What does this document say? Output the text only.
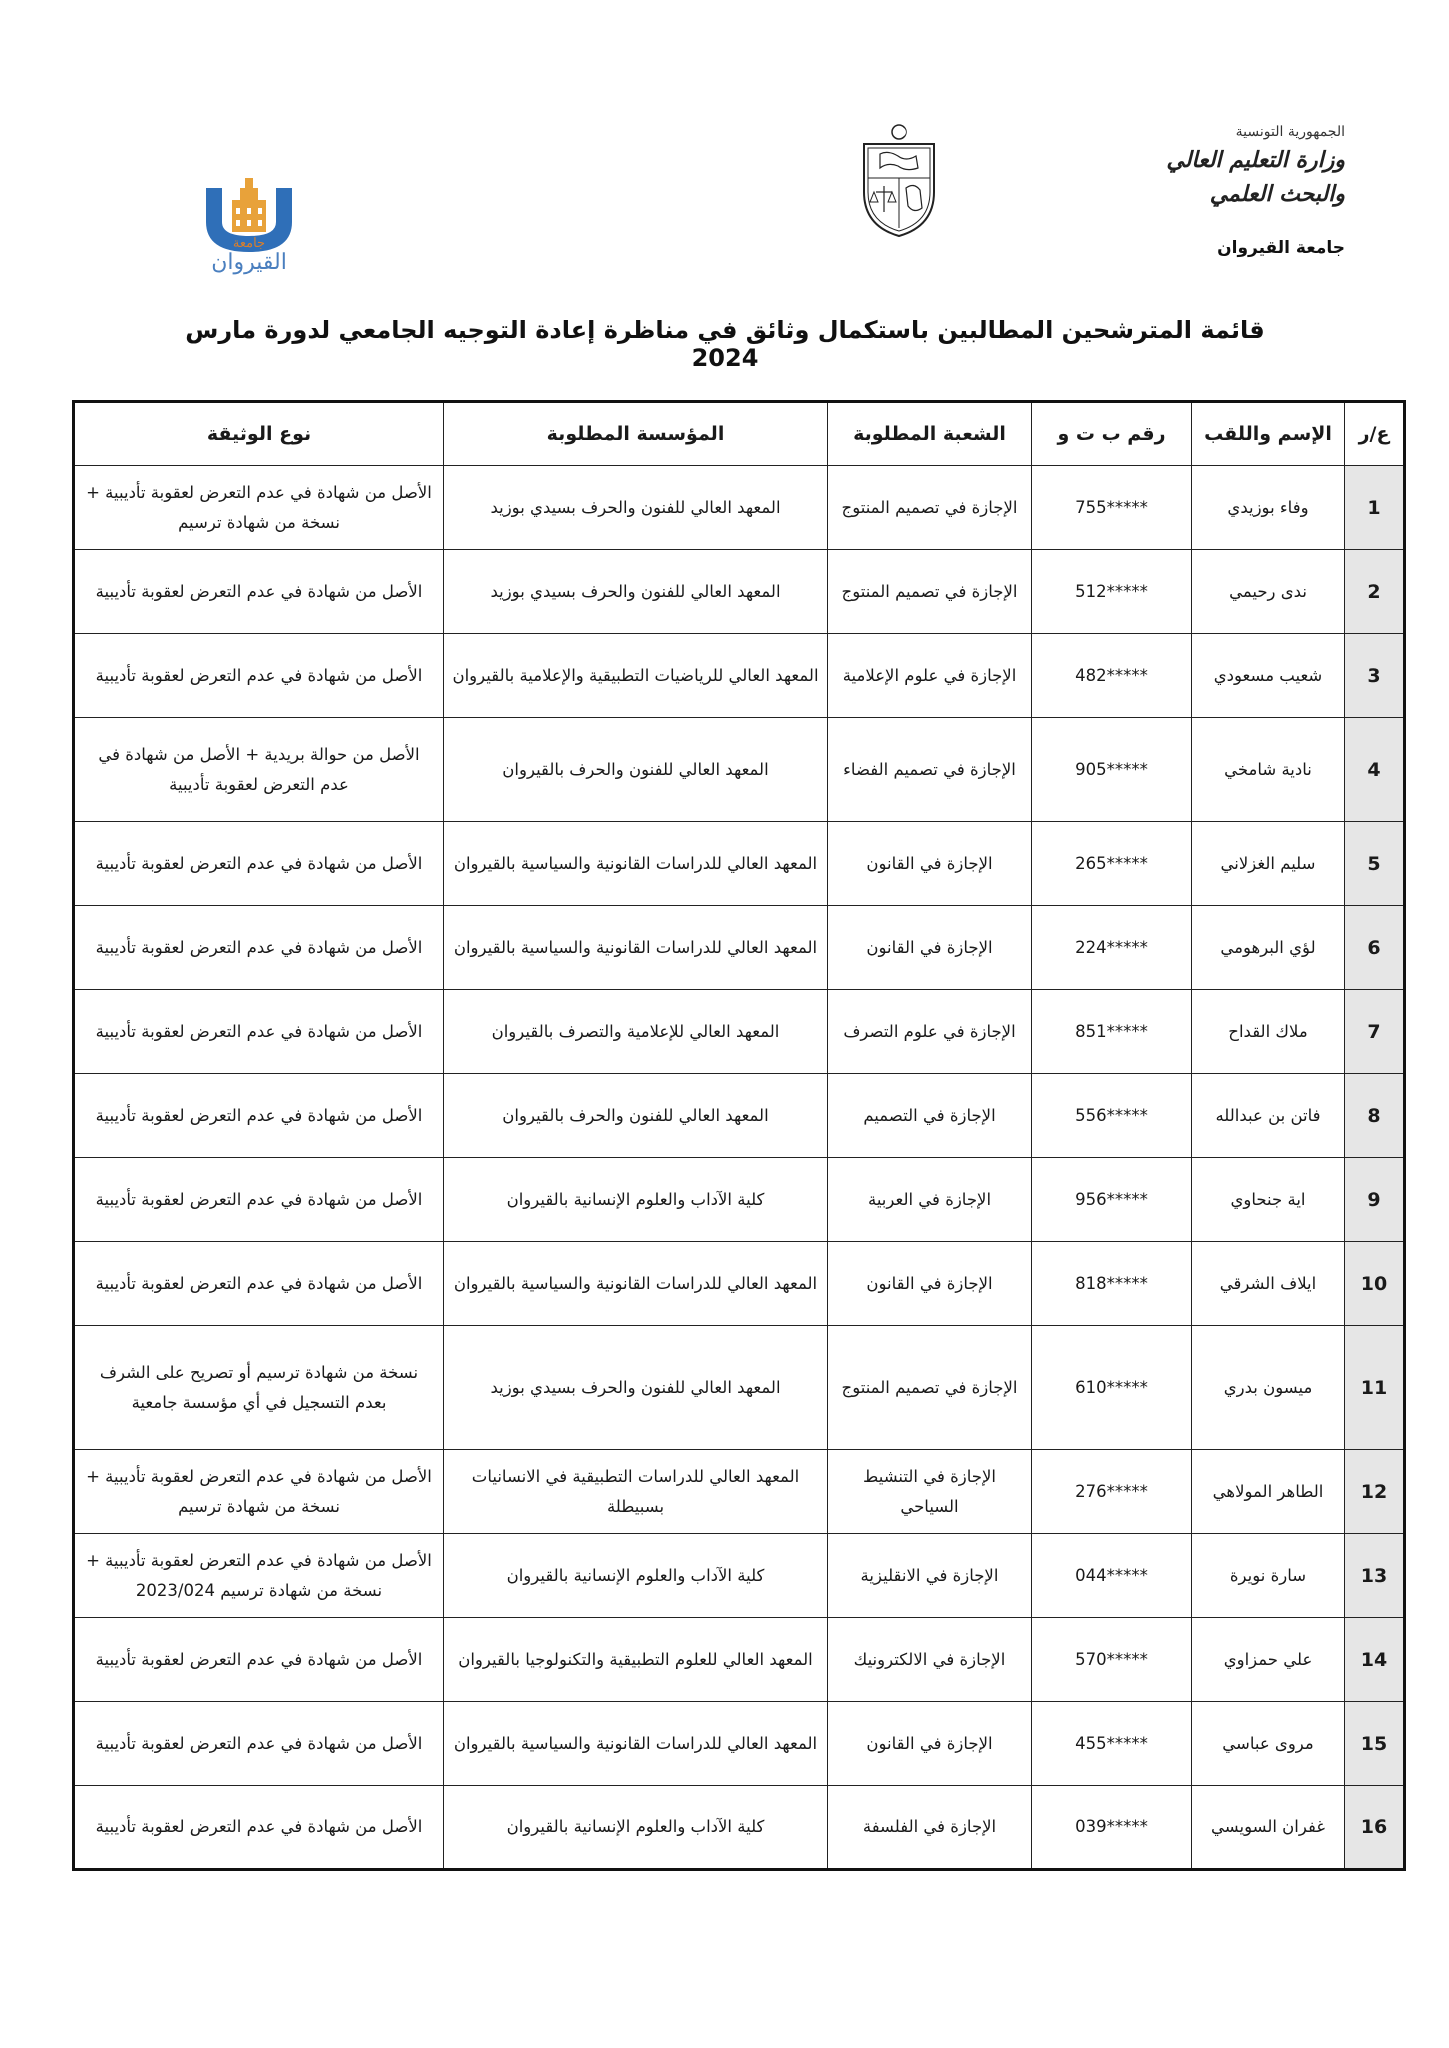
الجمهورية التونسية
وزارة التعليم العالي
والبحث العلمي
جامعة القيروان
جامعة
القيروان
قائمة المترشحين المطالبين باستكمال وثائق في مناظرة إعادة التوجيه الجامعي لدورة مارس 2024
ع/ر	الإسم واللقب	رقم ب ت و	الشعبة المطلوبة	المؤسسة المطلوبة	نوع الوثيقة
1	وفاء بوزيدي	755*****	الإجازة في تصميم المنتوج	المعهد العالي للفنون والحرف بسيدي بوزيد	الأصل من شهادة في عدم التعرض لعقوبة تأديبية + نسخة من شهادة ترسيم
2	ندى رحيمي	512*****	الإجازة في تصميم المنتوج	المعهد العالي للفنون والحرف بسيدي بوزيد	الأصل من شهادة في عدم التعرض لعقوبة تأديبية
3	شعيب مسعودي	482*****	الإجازة في علوم الإعلامية	المعهد العالي للرياضيات التطبيقية والإعلامية بالقيروان	الأصل من شهادة في عدم التعرض لعقوبة تأديبية
4	نادية شامخي	905*****	الإجازة في تصميم الفضاء	المعهد العالي للفنون والحرف بالقيروان	الأصل من حوالة بريدية + الأصل من شهادة في عدم التعرض لعقوبة تأديبية
5	سليم الغزلاني	265*****	الإجازة في القانون	المعهد العالي للدراسات القانونية والسياسية بالقيروان	الأصل من شهادة في عدم التعرض لعقوبة تأديبية
6	لؤي البرهومي	224*****	الإجازة في القانون	المعهد العالي للدراسات القانونية والسياسية بالقيروان	الأصل من شهادة في عدم التعرض لعقوبة تأديبية
7	ملاك القداح	851*****	الإجازة في علوم التصرف	المعهد العالي للإعلامية والتصرف بالقيروان	الأصل من شهادة في عدم التعرض لعقوبة تأديبية
8	فاتن بن عبدالله	556*****	الإجازة في التصميم	المعهد العالي للفنون والحرف بالقيروان	الأصل من شهادة في عدم التعرض لعقوبة تأديبية
9	اية جنحاوي	956*****	الإجازة في العربية	كلية الآداب والعلوم الإنسانية بالقيروان	الأصل من شهادة في عدم التعرض لعقوبة تأديبية
10	ايلاف الشرقي	818*****	الإجازة في القانون	المعهد العالي للدراسات القانونية والسياسية بالقيروان	الأصل من شهادة في عدم التعرض لعقوبة تأديبية
11	ميسون بدري	610*****	الإجازة في تصميم المنتوج	المعهد العالي للفنون والحرف بسيدي بوزيد	نسخة من شهادة ترسيم أو تصريح على الشرف بعدم التسجيل في أي مؤسسة جامعية
12	الطاهر المولاهي	276*****	الإجازة في التنشيط السياحي	المعهد العالي للدراسات التطبيقية في الانسانيات بسبيطلة	الأصل من شهادة في عدم التعرض لعقوبة تأديبية + نسخة من شهادة ترسيم
13	سارة نويرة	044*****	الإجازة في الانقليزية	كلية الآداب والعلوم الإنسانية بالقيروان	الأصل من شهادة في عدم التعرض لعقوبة تأديبية + نسخة من شهادة ترسيم 2023/024
14	علي حمزاوي	570*****	الإجازة في الالكترونيك	المعهد العالي للعلوم التطبيقية والتكنولوجيا بالقيروان	الأصل من شهادة في عدم التعرض لعقوبة تأديبية
15	مروى عباسي	455*****	الإجازة في القانون	المعهد العالي للدراسات القانونية والسياسية بالقيروان	الأصل من شهادة في عدم التعرض لعقوبة تأديبية
16	غفران السويسي	039*****	الإجازة في الفلسفة	كلية الآداب والعلوم الإنسانية بالقيروان	الأصل من شهادة في عدم التعرض لعقوبة تأديبية
